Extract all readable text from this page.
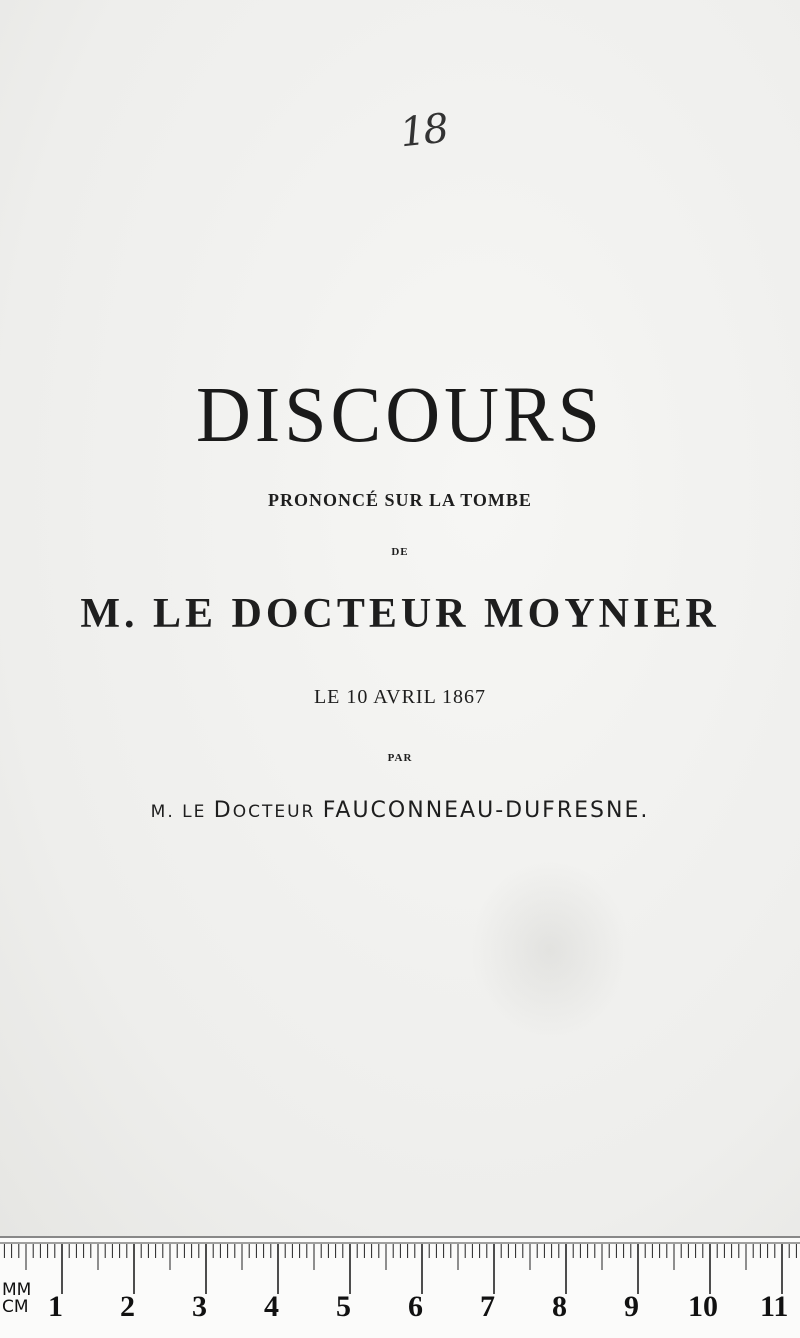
18
DISCOURS
PRONONCÉ SUR LA TOMBE
DE
M. LE DOCTEUR MOYNIER
LE 10 AVRIL 1867
PAR
M. LE DOCTEUR FAUCONNEAU-DUFRESNE.
MM
CM 1 2 3 4 5 6 7 8 9 10 11
